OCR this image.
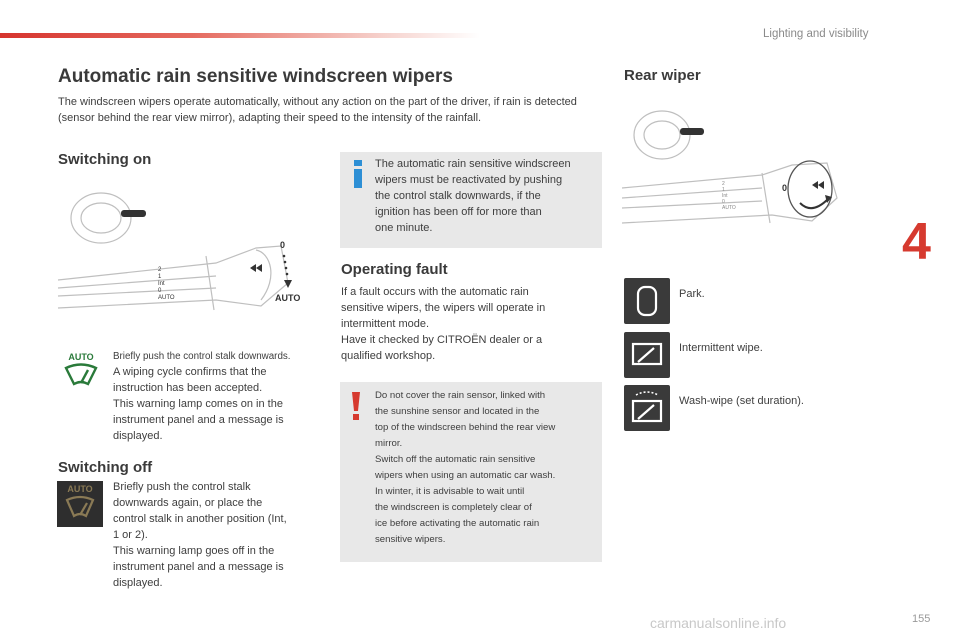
Lighting and visibility
4
Automatic rain sensitive windscreen wipers

The windscreen wipers operate automatically, without any action on the part of the driver, if rain is detected (sensor behind the rear view mirror), adapting their speed to the intensity of the rainfall.

Switching on
2
1
Int
0
AUTO
0
AUTO
AUTO	Briefly push the control stalk downwards.
A wiping cycle confirms that the
instruction has been accepted.
This warning lamp comes on in the
instrument panel and a message is
displayed.
Switching off
AUTO	Briefly push the control stalk
downwards again, or place the
control stalk in another position (Int,
1 or 2).
This warning lamp goes off in the
instrument panel and a message is
displayed.
The automatic rain sensitive windscreen
wipers must be reactivated by pushing
the control stalk downwards, if the
ignition has been off for more than
one minute.
Operating fault
If a fault occurs with the automatic rain
sensitive wipers, the wipers will operate in
intermittent mode.
Have it checked by CITROËN dealer or a
qualified workshop.
Do not cover the rain sensor, linked with
the sunshine sensor and located in the
top of the windscreen behind the rear view
mirror.
Switch off the automatic rain sensitive
wipers when using an automatic car wash.
In winter, it is advisable to wait until
the windscreen is completely clear of
ice before activating the automatic rain
sensitive wipers.
Rear wiper
2
1
Int
0
AUTO
0
Park.
Intermittent wipe.
Wash-wipe (set duration).
carmanualsonline.info	155
